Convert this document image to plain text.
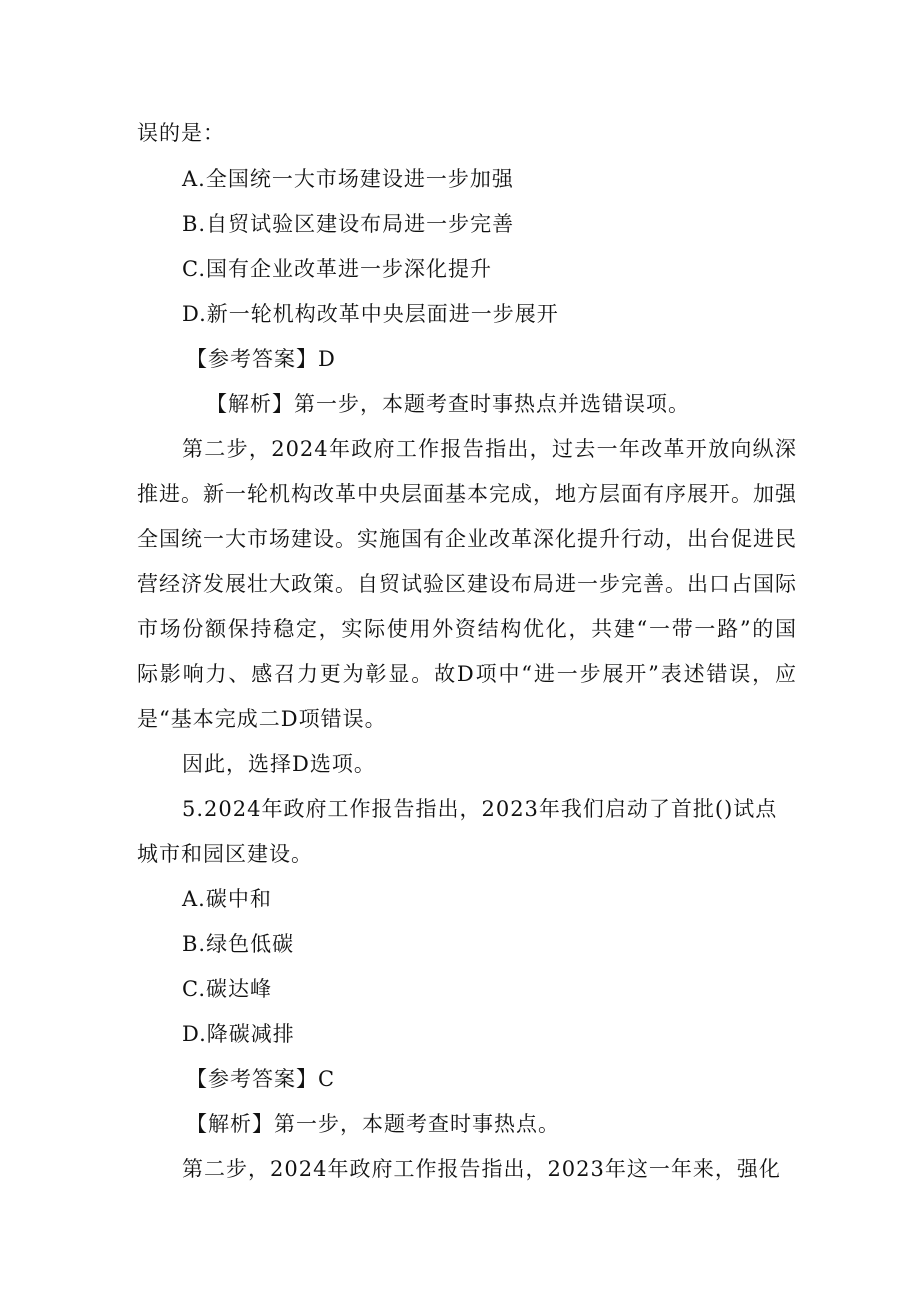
误的是：
A.全国统一大市场建设进一步加强
B.自贸试验区建设布局进一步完善
C.国有企业改革进一步深化提升
D.新一轮机构改革中央层面进一步展开
【参考答案】D
【解析】第一步，本题考查时事热点并选错误项。

第二步，2024年政府工作报告指出，过去一年改革开放向纵深推进。新一轮机构改革中央层面基本完成，地方层面有序展开。加强全国统一大市场建设。实施国有企业改革深化提升行动，出台促进民营经济发展壮大政策。自贸试验区建设布局进一步完善。出口占国际市场份额保持稳定，实际使用外资结构优化，共建“一带一路”的国际影响力、感召力更为彰显。故D项中“进一步展开”表述错误，应是“基本完成二D项错误。

因此，选择D选项。
5.2024年政府工作报告指出，2023年我们启动了首批()试点
城市和园区建设。
A.碳中和
B.绿色低碳
C.碳达峰
D.降碳减排
【参考答案】C
【解析】第一步，本题考查时事热点。
第二步，2024年政府工作报告指出，2023年这一年来，强化
